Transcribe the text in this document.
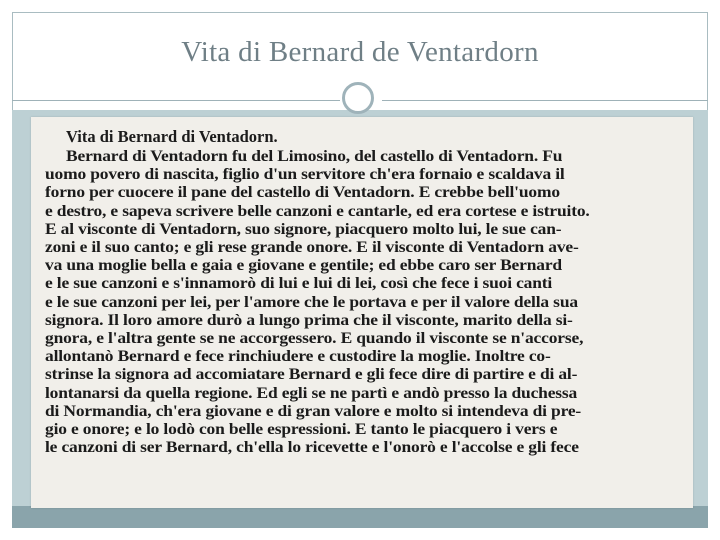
Vita di Bernard de Ventardorn
Vita di Bernard di Ventadorn.
Bernard di Ventadorn fu del Limosino, del castello di Ventadorn. Fu
uomo povero di nascita, figlio d'un servitore ch'era fornaio e scaldava il
forno per cuocere il pane del castello di Ventadorn. E crebbe bell'uomo
e destro, e sapeva scrivere belle canzoni e cantarle, ed era cortese e istruito.
E al visconte di Ventadorn, suo signore, piacquero molto lui, le sue can-
zoni e il suo canto; e gli rese grande onore. E il visconte di Ventadorn ave-
va una moglie bella e gaia e giovane e gentile; ed ebbe caro ser Bernard
e le sue canzoni e s'innamorò di lui e lui di lei, così che fece i suoi canti
e le sue canzoni per lei, per l'amore che le portava e per il valore della sua
signora. Il loro amore durò a lungo prima che il visconte, marito della si-
gnora, e l'altra gente se ne accorgessero. E quando il visconte se n'accorse,
allontanò Bernard e fece rinchiudere e custodire la moglie. Inoltre co-
strinse la signora ad accomiatare Bernard e gli fece dire di partire e di al-
lontanarsi da quella regione. Ed egli se ne partì e andò presso la duchessa
di Normandia, ch'era giovane e di gran valore e molto si intendeva di pre-
gio e onore; e lo lodò con belle espressioni. E tanto le piacquero i vers e
le canzoni di ser Bernard, ch'ella lo ricevette e l'onorò e l'accolse e gli fece
